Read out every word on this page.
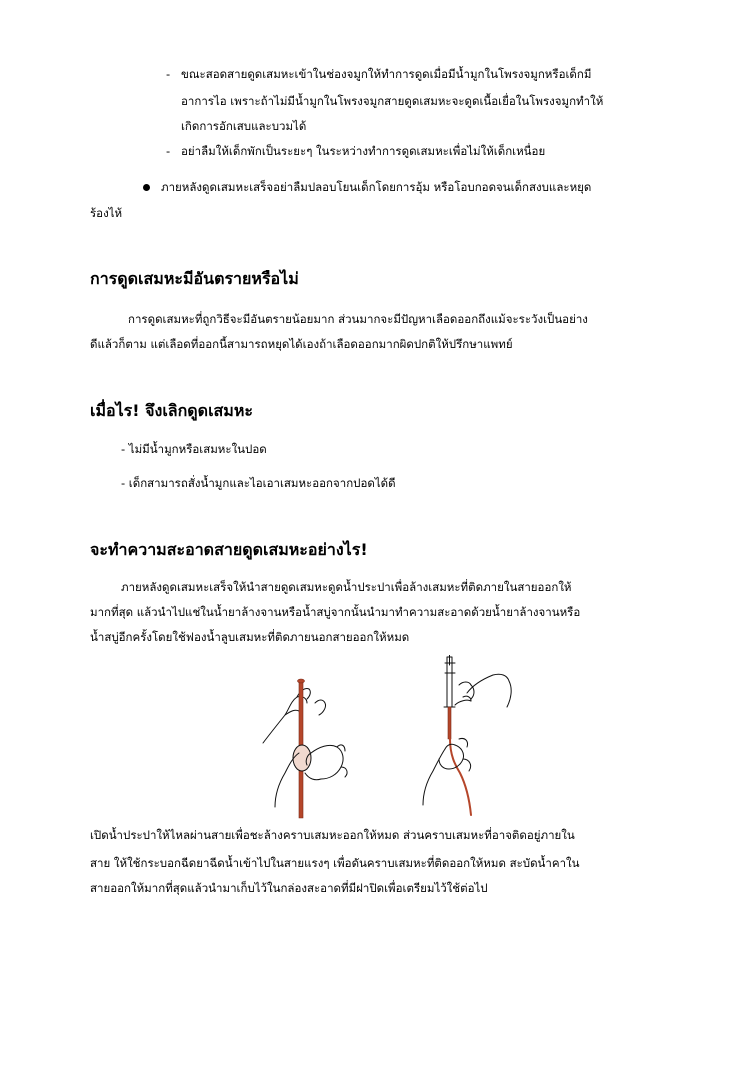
- ขณะสอดสายดูดเสมหะเข้าในช่องจมูกให้ทำการดูดเมื่อมีน้ำมูกในโพรงจมูกหรือเด็กมี
อาการไอ เพราะถ้าไม่มีน้ำมูกในโพรงจมูกสายดูดเสมหะจะดูดเนื้อเยื่อในโพรงจมูกทำให้
เกิดการอักเสบและบวมได้
- อย่าลืมให้เด็กพักเป็นระยะๆ ในระหว่างทำการดูดเสมหะเพื่อไม่ให้เด็กเหนื่อย
ภายหลังดูดเสมหะเสร็จอย่าลืมปลอบโยนเด็กโดยการอุ้ม หรือโอบกอดจนเด็กสงบและหยุด
ร้องไห้
การดูดเสมหะมีอันตรายหรือไม่
การดูดเสมหะที่ถูกวิธีจะมีอันตรายน้อยมาก ส่วนมากจะมีปัญหาเลือดออกถึงแม้จะระวังเป็นอย่าง
ดีแล้วก็ตาม แต่เลือดที่ออกนี้สามารถหยุดได้เองถ้าเลือดออกมากผิดปกติให้ปรึกษาแพทย์
เมื่อไร! จึงเลิกดูดเสมหะ
- ไม่มีน้ำมูกหรือเสมหะในปอด
- เด็กสามารถสั่งน้ำมูกและไอเอาเสมหะออกจากปอดได้ดี
จะทำความสะอาดสายดูดเสมหะอย่างไร!
ภายหลังดูดเสมหะเสร็จให้นำสายดูดเสมหะดูดน้ำประปาเพื่อล้างเสมหะที่ติดภายในสายออกให้
มากที่สุด แล้วนำไปแช่ในน้ำยาล้างจานหรือน้ำสบู่จากนั้นนำมาทำความสะอาดด้วยน้ำยาล้างจานหรือ
น้ำสบู่อีกครั้งโดยใช้ฟองน้ำลูบเสมหะที่ติดภายนอกสายออกให้หมด
เปิดน้ำประปาให้ไหลผ่านสายเพื่อชะล้างคราบเสมหะออกให้หมด ส่วนคราบเสมหะที่อาจติดอยู่ภายใน
สาย ให้ใช้กระบอกฉีดยาฉีดน้ำเข้าไปในสายแรงๆ เพื่อดันคราบเสมหะที่ติดออกให้หมด สะบัดน้ำคาใน
สายออกให้มากที่สุดแล้วนำมาเก็บไว้ในกล่องสะอาดที่มีฝาปิดเพื่อเตรียมไว้ใช้ต่อไป
